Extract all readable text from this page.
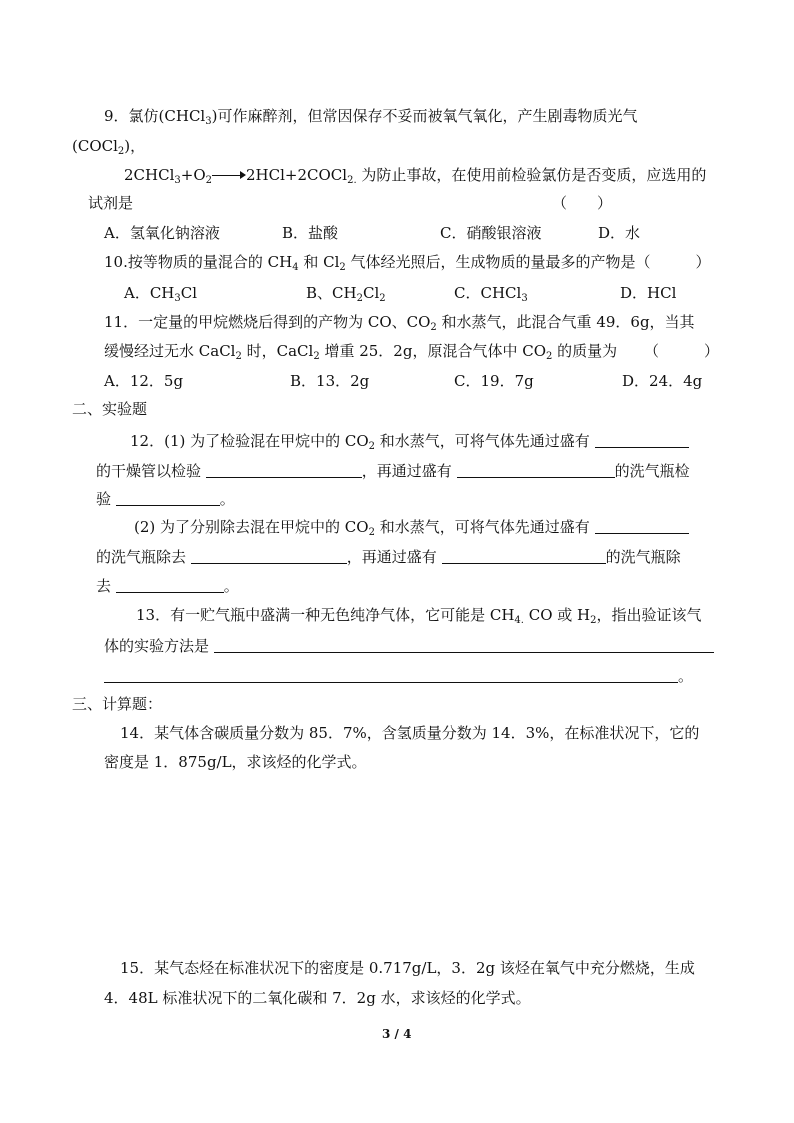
9．氯仿(CHCl$_3$)可作麻醉剂，但常因保存不妥而被氧气氧化，产生剧毒物质光气
(COCl$_2$)，
$2CHCl_3+O_2$ 2HCl+2COCl$_{2.}$ 为防止事故，在使用前检验氯仿是否变质，应选用的
试剂是	（　　）
A．氢氧化钠溶液	B．盐酸	C．硝酸银溶液	D．水
10.按等物质的量混合的 $CH_4$ 和 $Cl_2$ 气体经光照后，生成物质的量最多的产物是（　　　）
A．$CH_3Cl$	B、$CH_2Cl_2$	C．CHCl$_3$	D．HCl
11．一定量的甲烷燃烧后得到的产物为 CO、$CO_2$ 和水蒸气，此混合气重 49．6g，当其
缓慢经过无水 CaCl$_2$ 时，CaCl$_2$ 增重 25．2g，原混合气体中 $CO_2$ 的质量为 （　　　）
A．12．5g	B．13．2g	C．19．7g	D．24．4g
二、实验题
12．(1) 为了检验混在甲烷中的 $CO_2$ 和水蒸气，可将气体先通过盛有
的干燥管以检验	，再通过盛有	的洗气瓶检
验	。
(2) 为了分别除去混在甲烷中的 $CO_2$ 和水蒸气，可将气体先通过盛有
的洗气瓶除去	，再通过盛有	的洗气瓶除
去	。
13．有一贮气瓶中盛满一种无色纯净气体，它可能是 $CH_{4.}$ CO 或 $H_2$，指出验证该气
体的实验方法是
。
三、计算题：
14．某气体含碳质量分数为 85．7%，含氢质量分数为 14．3%，在标准状况下，它的
密度是 1．875g/L，求该烃的化学式。
15．某气态烃在标准状况下的密度是 0.717g/L，3．2g 该烃在氧气中充分燃烧，生成
4．48L 标准状况下的二氧化碳和 7．2g 水，求该烃的化学式。
3 / 4
